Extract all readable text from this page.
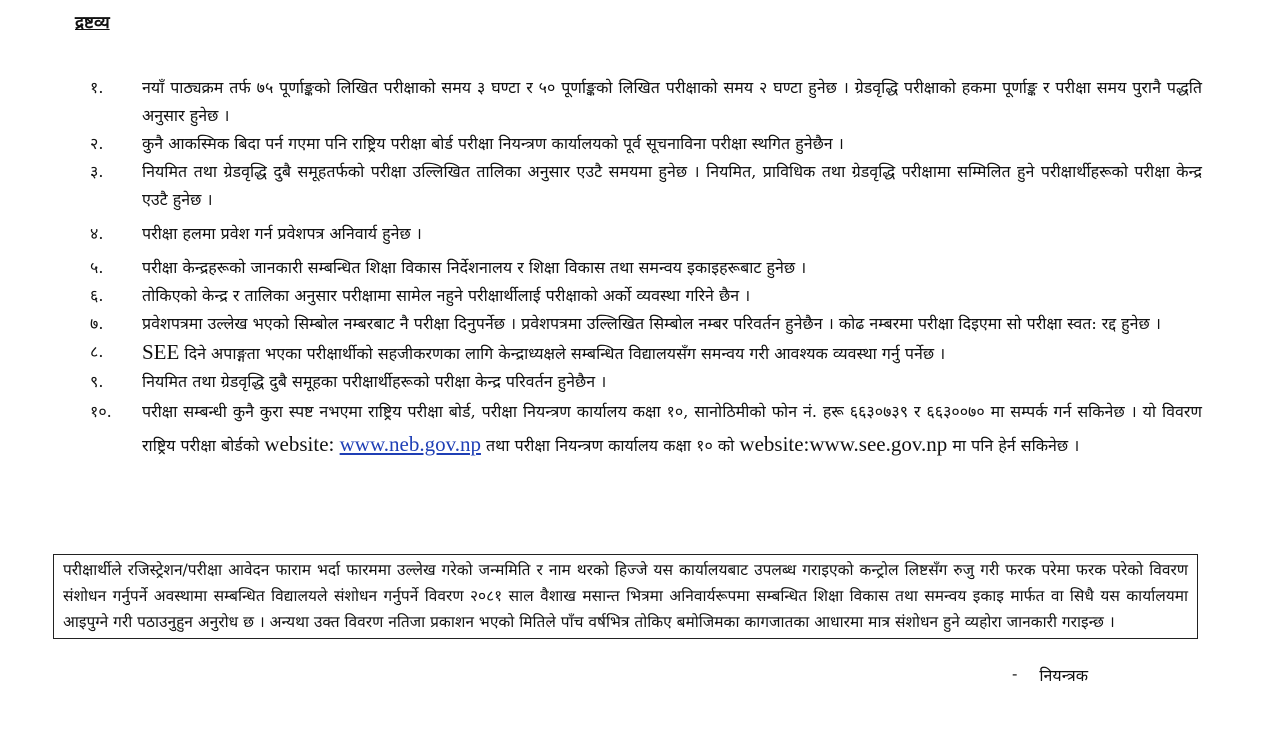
द्रष्टव्य
१.	नयाँ पाठ्यक्रम तर्फ ७५ पूर्णाङ्कको लिखित परीक्षाको समय ३ घण्टा र ५० पूर्णाङ्कको लिखित परीक्षाको समय २ घण्टा हुनेछ । ग्रेडवृद्धि परीक्षाको हकमा पूर्णाङ्क र परीक्षा समय पुरानै पद्धति अनुसार हुनेछ ।
२.	कुनै आकस्मिक बिदा पर्न गएमा पनि राष्ट्रिय परीक्षा बोर्ड परीक्षा नियन्त्रण कार्यालयको पूर्व सूचनाविना परीक्षा स्थगित हुनेछैन ।
३.	नियमित तथा ग्रेडवृद्धि दुबै समूहतर्फको परीक्षा उल्लिखित तालिका अनुसार एउटै समयमा हुनेछ । नियमित, प्राविधिक तथा ग्रेडवृद्धि परीक्षामा सम्मिलित हुने परीक्षार्थीहरूको परीक्षा केन्द्र एउटै हुनेछ ।
४.	परीक्षा हलमा प्रवेश गर्न प्रवेशपत्र अनिवार्य हुनेछ ।
५.	परीक्षा केन्द्रहरूको जानकारी सम्बन्धित शिक्षा विकास निर्देशनालय र शिक्षा विकास तथा समन्वय इकाइहरूबाट हुनेछ ।
६.	तोकिएको केन्द्र र तालिका अनुसार परीक्षामा सामेल नहुने परीक्षार्थीलाई परीक्षाको अर्को व्यवस्था गरिने छैन ।
७.	प्रवेशपत्रमा उल्लेख भएको सिम्बोल नम्बरबाट नै परीक्षा दिनुपर्नेछ । प्रवेशपत्रमा उल्लिखित सिम्बोल नम्बर परिवर्तन हुनेछैन । कोढ नम्बरमा परीक्षा दिइएमा सो परीक्षा स्वत: रद्द हुनेछ ।
८.	SEE दिने अपाङ्गता भएका परीक्षार्थीको सहजीकरणका लागि केन्द्राध्यक्षले सम्बन्धित विद्यालयसँग समन्वय गरी आवश्यक व्यवस्था गर्नु पर्नेछ ।
९.	नियमित तथा ग्रेडवृद्धि दुबै समूहका परीक्षार्थीहरूको परीक्षा केन्द्र परिवर्तन हुनेछैन ।
१०.	परीक्षा सम्बन्धी कुनै कुरा स्पष्ट नभएमा राष्ट्रिय परीक्षा बोर्ड, परीक्षा नियन्त्रण कार्यालय कक्षा १०, सानोठिमीको फोन नं. हरू ६६३०७३९ र ६६३००७० मा सम्पर्क गर्न सकिनेछ । यो विवरण राष्ट्रिय परीक्षा बोर्डको website: www.neb.gov.np तथा परीक्षा नियन्त्रण कार्यालय कक्षा १० को website:www.see.gov.np मा पनि हेर्न सकिनेछ ।
परीक्षार्थीले रजिस्ट्रेशन/परीक्षा आवेदन फाराम भर्दा फारममा उल्लेख गरेको जन्ममिति र नाम थरको हिज्जे यस कार्यालयबाट उपलब्ध गराइएको कन्ट्रोल लिष्टसँग रुजु गरी फरक परेमा फरक परेको विवरण संशोधन गर्नुपर्ने अवस्थामा सम्बन्धित विद्यालयले संशोधन गर्नुपर्ने विवरण २०८१ साल वैशाख मसान्त भित्रमा अनिवार्यरूपमा सम्बन्धित शिक्षा विकास तथा समन्वय इकाइ मार्फत वा सिधै यस कार्यालयमा आइपुग्ने गरी पठाउनुहुन अनुरोध छ । अन्यथा उक्त विवरण नतिजा प्रकाशन भएको मितिले पाँच वर्षभित्र तोकिए बमोजिमका कागजातका आधारमा मात्र संशोधन हुने व्यहोरा जानकारी गराइन्छ ।
- नियन्त्रक
